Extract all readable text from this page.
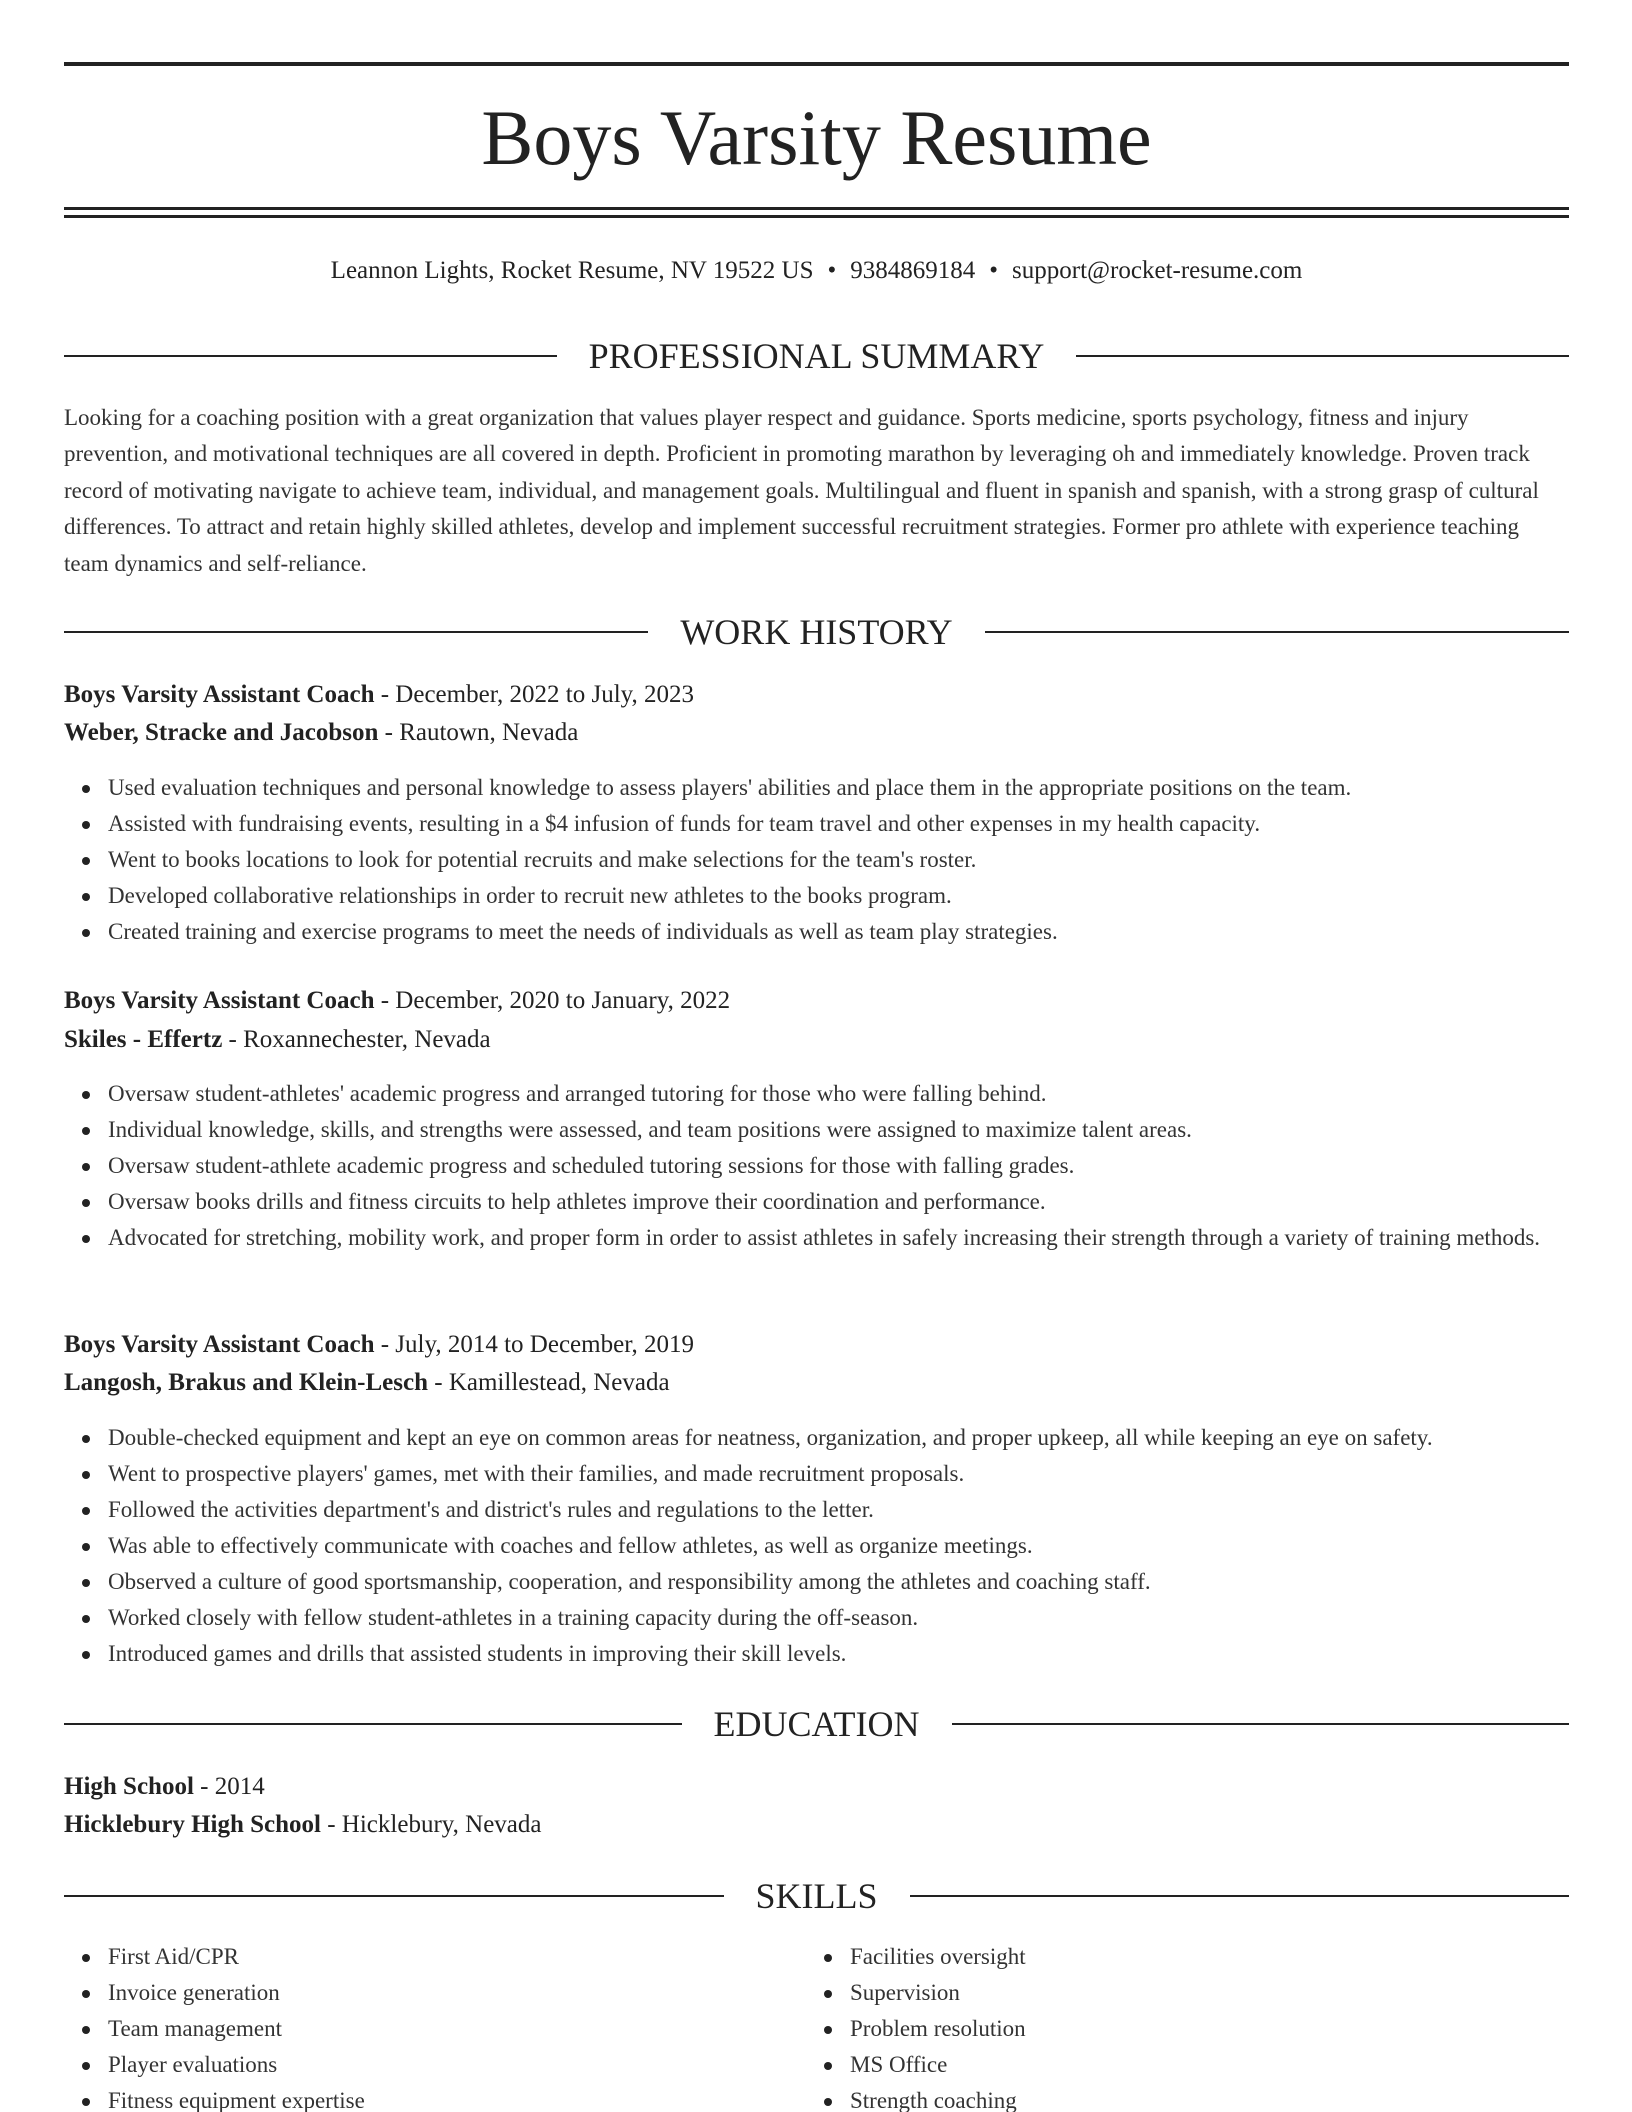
Boys Varsity Resume
Leannon Lights, Rocket Resume, NV 19522 US • 9384869184 • support@rocket-resume.com
PROFESSIONAL SUMMARY

Looking for a coaching position with a great organization that values player respect and guidance. Sports medicine, sports psychology, fitness and injury prevention, and motivational techniques are all covered in depth. Proficient in promoting marathon by leveraging oh and immediately knowledge. Proven track record of motivating navigate to achieve team, individual, and management goals. Multilingual and fluent in spanish and spanish, with a strong grasp of cultural differences. To attract and retain highly skilled athletes, develop and implement successful recruitment strategies. Former pro athlete with experience teaching team dynamics and self-reliance.

WORK HISTORY
Boys Varsity Assistant Coach - December, 2022 to July, 2023
Weber, Stracke and Jacobson - Rautown, Nevada
Used evaluation techniques and personal knowledge to assess players' abilities and place them in the appropriate positions on the team.
Assisted with fundraising events, resulting in a $4 infusion of funds for team travel and other expenses in my health capacity.
Went to books locations to look for potential recruits and make selections for the team's roster.
Developed collaborative relationships in order to recruit new athletes to the books program.
Created training and exercise programs to meet the needs of individuals as well as team play strategies.
Boys Varsity Assistant Coach - December, 2020 to January, 2022
Skiles - Effertz - Roxannechester, Nevada
Oversaw student-athletes' academic progress and arranged tutoring for those who were falling behind.
Individual knowledge, skills, and strengths were assessed, and team positions were assigned to maximize talent areas.
Oversaw student-athlete academic progress and scheduled tutoring sessions for those with falling grades.
Oversaw books drills and fitness circuits to help athletes improve their coordination and performance.
Advocated for stretching, mobility work, and proper form in order to assist athletes in safely increasing their strength through a variety of training methods.
Boys Varsity Assistant Coach - July, 2014 to December, 2019
Langosh, Brakus and Klein-Lesch - Kamillestead, Nevada
Double-checked equipment and kept an eye on common areas for neatness, organization, and proper upkeep, all while keeping an eye on safety.
Went to prospective players' games, met with their families, and made recruitment proposals.
Followed the activities department's and district's rules and regulations to the letter.
Was able to effectively communicate with coaches and fellow athletes, as well as organize meetings.
Observed a culture of good sportsmanship, cooperation, and responsibility among the athletes and coaching staff.
Worked closely with fellow student-athletes in a training capacity during the off-season.
Introduced games and drills that assisted students in improving their skill levels.
EDUCATION
High School - 2014
Hicklebury High School - Hicklebury, Nevada
SKILLS
First Aid/CPR
Invoice generation
Team management
Player evaluations
Fitness equipment expertise
Facilities oversight
Supervision
Problem resolution
MS Office
Strength coaching
